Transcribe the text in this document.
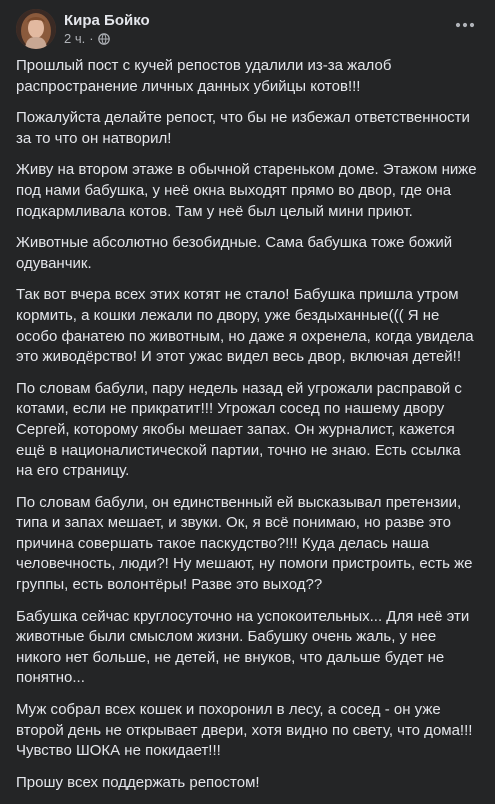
Кира Бойко
2 ч. ·

Прошлый пост с кучей репостов удалили из-за жалоб распространение личных данных убийцы котов!!!

Пожалуйста делайте репост, что бы не избежал ответственности за то что он натворил!

Живу на втором этаже в обычной стареньком доме. Этажом ниже под нами бабушка, у неё окна выходят прямо во двор, где она подкармливала котов. Там у неё был целый мини приют.

Животные абсолютно безобидные. Сама бабушка тоже божий одуванчик.

Так вот вчера всех этих котят не стало! Бабушка пришла утром кормить, а кошки лежали по двору, уже бездыханные((( Я не особо фанатею по животным, но даже я охренела, когда увидела это живодёрство! И этот ужас видел весь двор, включая детей!!

По словам бабули, пару недель назад ей угрожали расправой с котами, если не прикратит!!! Угрожал сосед по нашему двору Сергей, которому якобы мешает запах. Он журналист, кажется ещё в националистической партии, точно не знаю. Есть ссылка на его страницу.

По словам бабули, он единственный ей высказывал претензии, типа и запах мешает, и звуки. Ок, я всё понимаю, но разве это причина совершать такое паскудство?!!! Куда делась наша человечность, люди?! Ну мешают, ну помоги пристроить, есть же группы, есть волонтёры! Разве это выход??

Бабушка сейчас круглосуточно на успокоительных... Для неё эти животные были смыслом жизни. Бабушку очень жаль, у нее никого нет больше, не детей, не внуков, что дальше будет не понятно...

Муж собрал всех кошек и похоронил в лесу, а сосед - он уже второй день не открывает двери, хотя видно по свету, что дома!!! Чувство ШОКА не покидает!!!

Прошу всех поддержать репостом!
